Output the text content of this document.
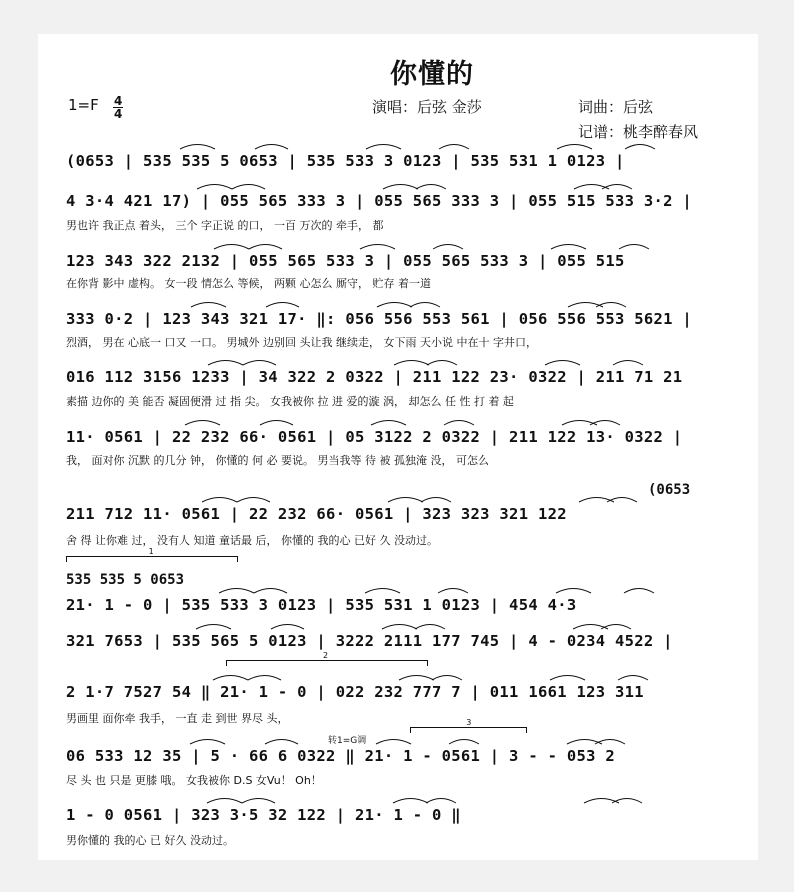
你懂的
1=F 4
4	演唱：后弦 金莎	词曲：后弦
记谱：桃李醉春风
(0653
535 535 5 0653
1
2
3
转1=G调
(0653 | 535 535 5 0653 | 535 533 3 0123 | 535 531 1 0123 |
4 3·4 421 17) | 055 565 333 3 | 055 565 333 3 | 055 515 533 3·2 |
123 343 322 2132 | 055 565 533 3 | 055 565 533 3 | 055 515
333 0·2 | 123 343 321 17· ‖: 056 556 553 561 | 056 556 553 5621 |
016 112 3156 1233 | 34 322 2 0322 | 211 122 23· 0322 | 211 71 21
11· 0561 | 22 232 66· 0561 | 05 3122 2 0322 | 211 122 13· 0322 |
211 712 11· 0561 | 22 232 66· 0561 | 323 323 321 122
21· 1 - 0 | 535 533 3 0123 | 535 531 1 0123 | 454 4·3
321 7653 | 535 565 5 0123 | 3222 2111 177 745 | 4 - 0234 4522 |
2 1·7 7527 54 ‖ 21· 1 - 0 | 022 232 777 7 | 011 1661 123 311
06 533 12 35 | 5 · 66 6 0322 ‖ 21· 1 - 0561 | 3 - - 053 2
1 - 0 0561 | 323 3·5 32 122 | 21· 1 - 0 ‖
男也许 我正点 着头， 三个 字正说 的口， 一百 万次的 牵手， 都
在你背 影中 虚构。 女一段 情怎么 等候， 两颗 心怎么 厮守， 贮存 着一道
烈酒， 男在 心底一 口又 一口。 男城外 边别回 头让我 继续走， 女下雨 天小说 中在十 字井口，
素描 边你的 美 能否 凝固便滑 过 指 尖。 女我被你 拉 进 爱的漩 涡， 却怎么 任 性 打 着 起
我， 面对你 沉默 的几分 钟， 你懂的 何 必 要说。 男当我等 待 被 孤独淹 没， 可怎么
舍 得 让你难 过， 没有人 知道 童话最 后， 你懂的 我的心 已好 久 没动过。
男画里 面你牵 我手， 一直 走 到世 界尽 头，
尽 头 也 只是 更膝 哦。 女我被你 D.S 女Vu！ Oh！
男你懂的 我的心 已 好久 没动过。
